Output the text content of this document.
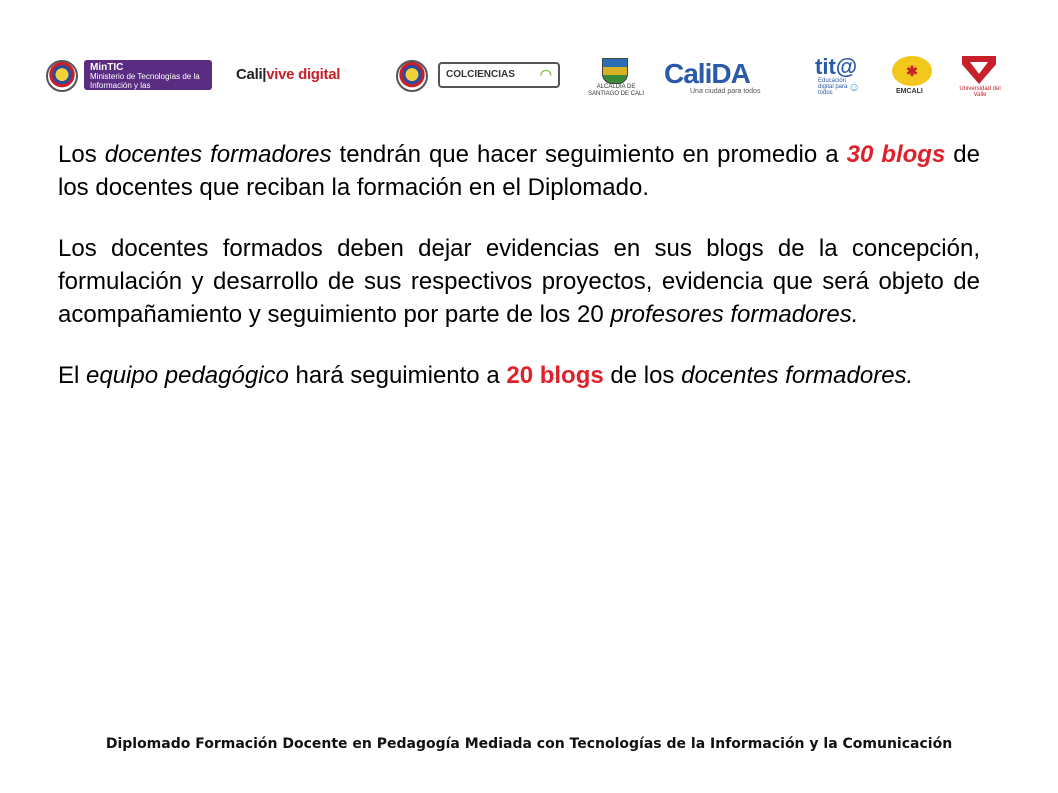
MinTIC
Ministerio de Tecnologías de la Información y las Comunicaciones
Cali|vive digital	COLCIENCIAS ◠
ALCALDÍA DE SANTIAGO DE CALI
CaliDA
Una ciudad para todos
tit@
Educación digital para todos	☺
✱
EMCALI	Universidad del Valle

Los docentes formadores tendrán que hacer seguimiento en promedio a 30 blogs de los docentes que reciban la formación en el Diplomado.

Los docentes formados deben dejar evidencias en sus blogs de la concepción, formulación y desarrollo de sus respectivos proyectos, evidencia que será objeto de acompañamiento y seguimiento por parte de los 20 profesores formadores.

El equipo pedagógico hará seguimiento a 20 blogs de los docentes formadores.

Diplomado Formación Docente en Pedagogía Mediada con Tecnologías de la Información y la Comunicación
